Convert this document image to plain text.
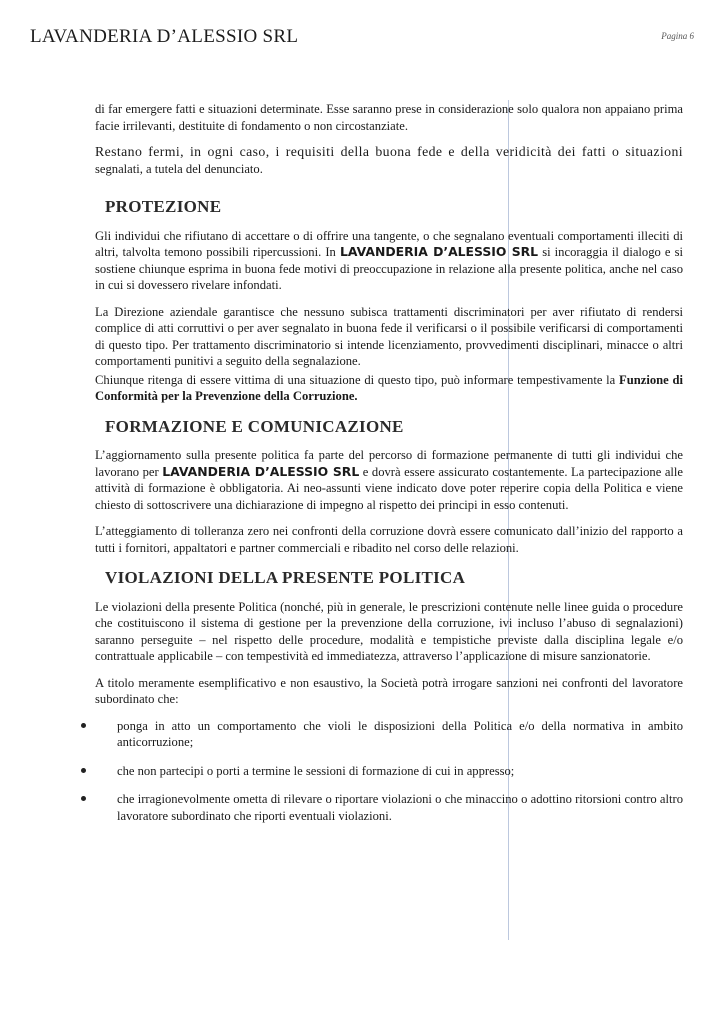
LAVANDERIA D’ALESSIO SRL	Pagina 6

di far emergere fatti e situazioni determinate. Esse saranno prese in considerazione solo qualora non appaiano prima facie irrilevanti, destituite di fondamento o non circostanziate.

Restano fermi, in ogni caso, i requisiti della buona fede e della veridicità dei fatti o situazioni segnalati, a tutela del denunciato.

PROTEZIONE

Gli individui che rifiutano di accettare o di offrire una tangente, o che segnalano eventuali comportamenti illeciti di altri, talvolta temono possibili ripercussioni. In LAVANDERIA D’ALESSIO SRL si incoraggia il dialogo e si sostiene chiunque esprima in buona fede motivi di preoccupazione in relazione alla presente politica, anche nel caso in cui si dovessero rivelare infondati.

La Direzione aziendale garantisce che nessuno subisca trattamenti discriminatori per aver rifiutato di rendersi complice di atti corruttivi o per aver segnalato in buona fede il verificarsi o il possibile verificarsi di comportamenti di questo tipo. Per trattamento discriminatorio si intende licenziamento, provvedimenti disciplinari, minacce o altri comportamenti punitivi a seguito della segnalazione.

Chiunque ritenga di essere vittima di una situazione di questo tipo, può informare tempestivamente la Funzione di Conformità per la Prevenzione della Corruzione.

FORMAZIONE E COMUNICAZIONE

L’aggiornamento sulla presente politica fa parte del percorso di formazione permanente di tutti gli individui che lavorano per LAVANDERIA D’ALESSIO SRL e dovrà essere assicurato costantemente. La partecipazione alle attività di formazione è obbligatoria. Ai neo-assunti viene indicato dove poter reperire copia della Politica e viene chiesto di sottoscrivere una dichiarazione di impegno al rispetto dei principi in esso contenuti.

L’atteggiamento di tolleranza zero nei confronti della corruzione dovrà essere comunicato dall’inizio del rapporto a tutti i fornitori, appaltatori e partner commerciali e ribadito nel corso delle relazioni.

VIOLAZIONI DELLA PRESENTE POLITICA

Le violazioni della presente Politica (nonché, più in generale, le prescrizioni contenute nelle linee guida o procedure che costituiscono il sistema di gestione per la prevenzione della corruzione, ivi incluso l’abuso di segnalazioni) saranno perseguite – nel rispetto delle procedure, modalità e tempistiche previste dalla disciplina legale e/o contrattuale applicabile – con tempestività ed immediatezza, attraverso l’applicazione di misure sanzionatorie.

A titolo meramente esemplificativo e non esaustivo, la Società potrà irrogare sanzioni nei confronti del lavoratore subordinato che:

ponga in atto un comportamento che violi le disposizioni della Politica e/o della normativa in ambito anticorruzione;
che non partecipi o porti a termine le sessioni di formazione di cui in appresso;
che irragionevolmente ometta di rilevare o riportare violazioni o che minaccino o adottino ritorsioni contro altro lavoratore subordinato che riporti eventuali violazioni.
